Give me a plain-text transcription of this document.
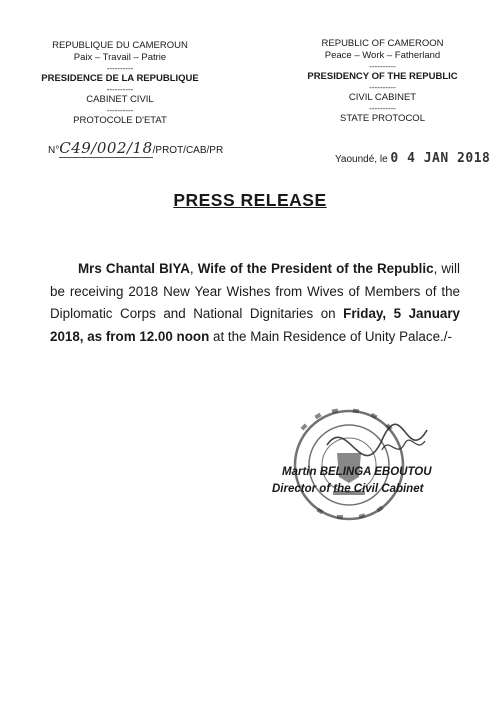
REPUBLIQUE DU CAMEROUN
Paix – Travail – Patrie
----------
PRESIDENCE DE LA REPUBLIQUE
----------
CABINET CIVIL
----------
PROTOCOLE D'ETAT
REPUBLIC OF CAMEROON
Peace – Work – Fatherland
----------
PRESIDENCY OF THE REPUBLIC
----------
CIVIL CABINET
----------
STATE PROTOCOL
N°C49/002/18/PROT/CAB/PR
Yaoundé, le 0 4 JAN 2018
PRESS RELEASE
Mrs Chantal BIYA, Wife of the President of the Republic, will be receiving 2018 New Year Wishes from Wives of Members of the Diplomatic Corps and National Dignitaries on Friday, 5 January 2018, as from 12.00 noon at the Main Residence of Unity Palace./-
Martin BELINGA EBOUTOU
Director of the Civil Cabinet
